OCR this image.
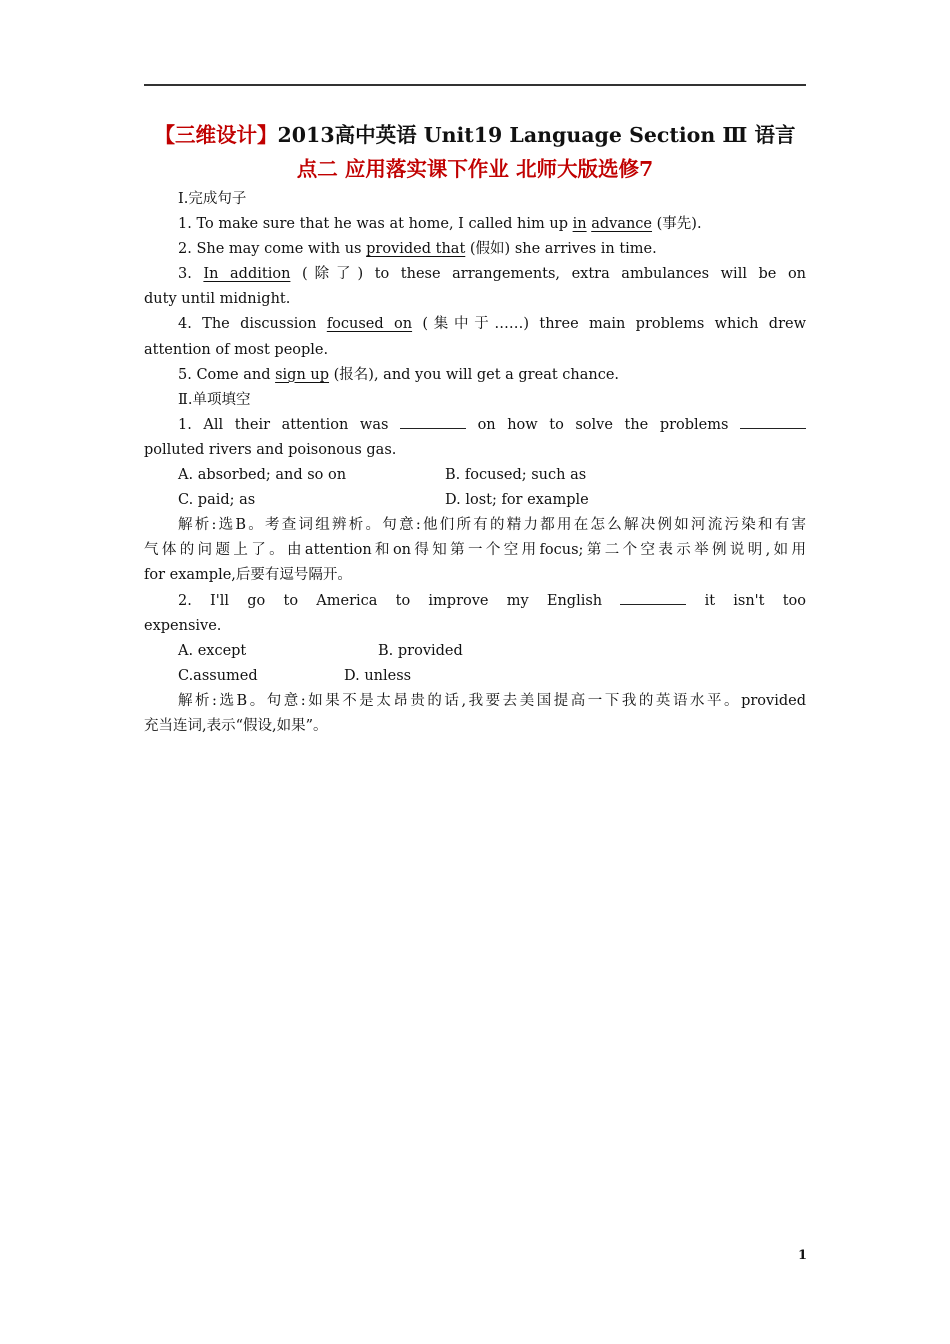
【三维设计】2013高中英语 Unit19 Language Section Ⅲ 语言
点二 应用落实课下作业 北师大版选修7
Ⅰ.完成句子
1. To make sure that he was at home, I called him up in advance (事先).
2. She may come with us provided that (假如) she arrives in time.
3. In addition (除了) to these arrangements, extra ambulances will be on
duty until midnight.
4. The discussion focused on (集中于……) three main problems which drew
attention of most people.
5. Come and sign up (报名), and you will get a great chance.
Ⅱ.单项填空
1. All their attention was	on how to solve the problems
polluted rivers and poisonous gas.
A. absorbed; and so on	B. focused; such as
C. paid; as	D. lost; for example
解析:选B。考查词组辨析。句意:他们所有的精力都用在怎么解决例如河流污染和有害
气体的问题上了。由attention和on得知第一个空用focus;第二个空表示举例说明,如用
for example,后要有逗号隔开。
2. I'll go to America to improve my English	it isn't too
expensive.
A. except	B. provided
C.assumed	D. unless
解析:选B。句意:如果不是太昂贵的话,我要去美国提高一下我的英语水平。provided
充当连词,表示“假设,如果”。
1
